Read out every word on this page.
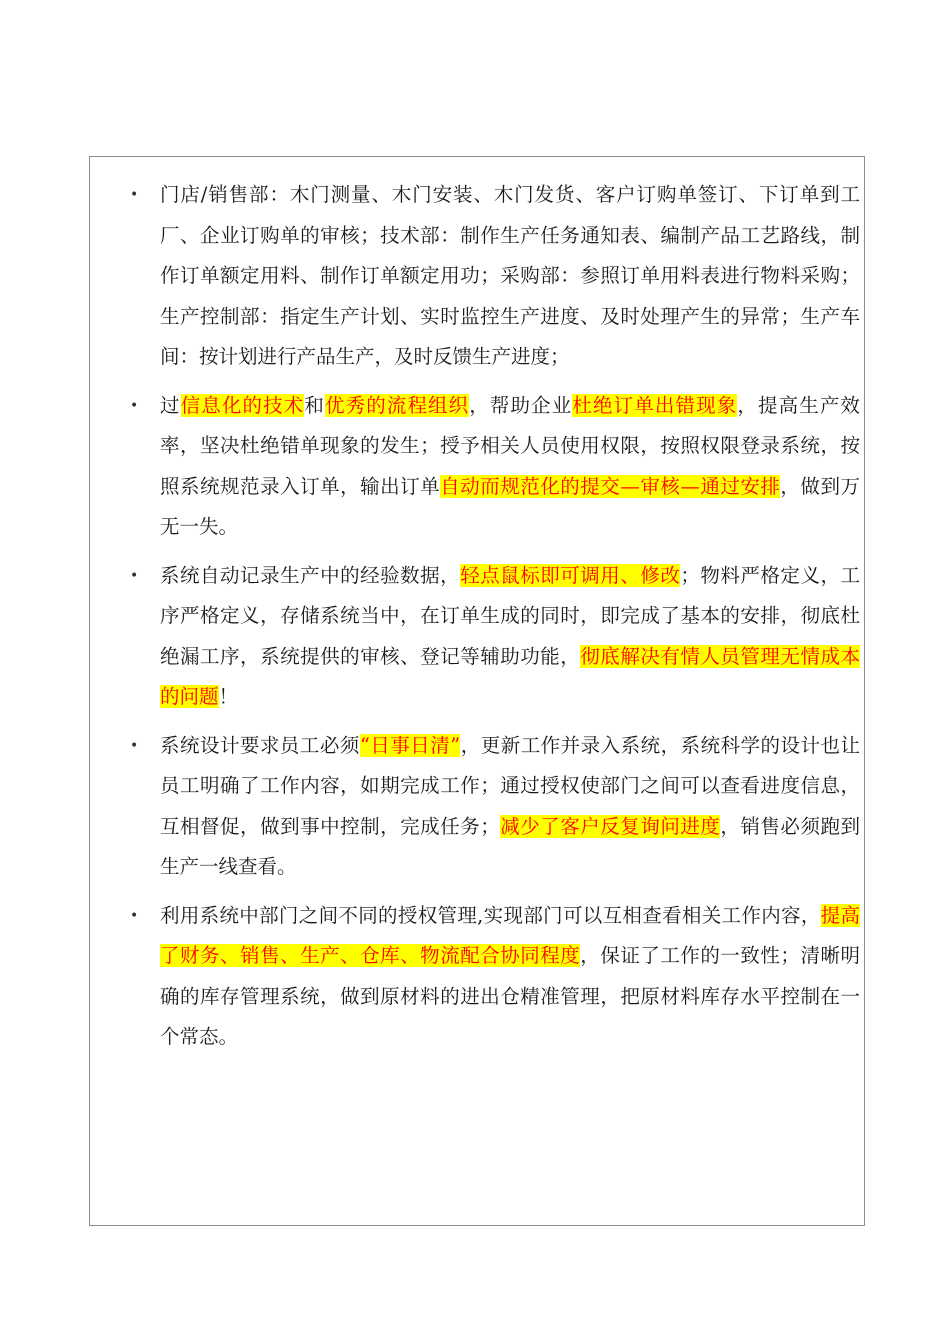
• 门店/销售部：木门测量、木门安装、木门发货、客户订购单签订、下订单到工厂、企业订购单的审核；技术部：制作生产任务通知表、编制产品工艺路线，制作订单额定用料、制作订单额定用功；采购部：参照订单用料表进行物料采购；生产控制部：指定生产计划、实时监控生产进度、及时处理产生的异常；生产车间：按计划进行产品生产，及时反馈生产进度；
• 过信息化的技术和优秀的流程组织，帮助企业杜绝订单出错现象，提高生产效率，坚决杜绝错单现象的发生；授予相关人员使用权限，按照权限登录系统，按照系统规范录入订单，输出订单自动而规范化的提交—审核—通过安排，做到万无一失。
• 系统自动记录生产中的经验数据，轻点鼠标即可调用、修改；物料严格定义，工序严格定义，存储系统当中，在订单生成的同时，即完成了基本的安排，彻底杜绝漏工序，系统提供的审核、登记等辅助功能，彻底解决有情人员管理无情成本的问题！
• 系统设计要求员工必须“日事日清”，更新工作并录入系统，系统科学的设计也让员工明确了工作内容，如期完成工作；通过授权使部门之间可以查看进度信息，互相督促，做到事中控制，完成任务；减少了客户反复询问进度，销售必须跑到生产一线查看。
• 利用系统中部门之间不同的授权管理,实现部门可以互相查看相关工作内容，提高了财务、销售、生产、仓库、物流配合协同程度，保证了工作的一致性；清晰明确的库存管理系统，做到原材料的进出仓精准管理，把原材料库存水平控制在一个常态。
